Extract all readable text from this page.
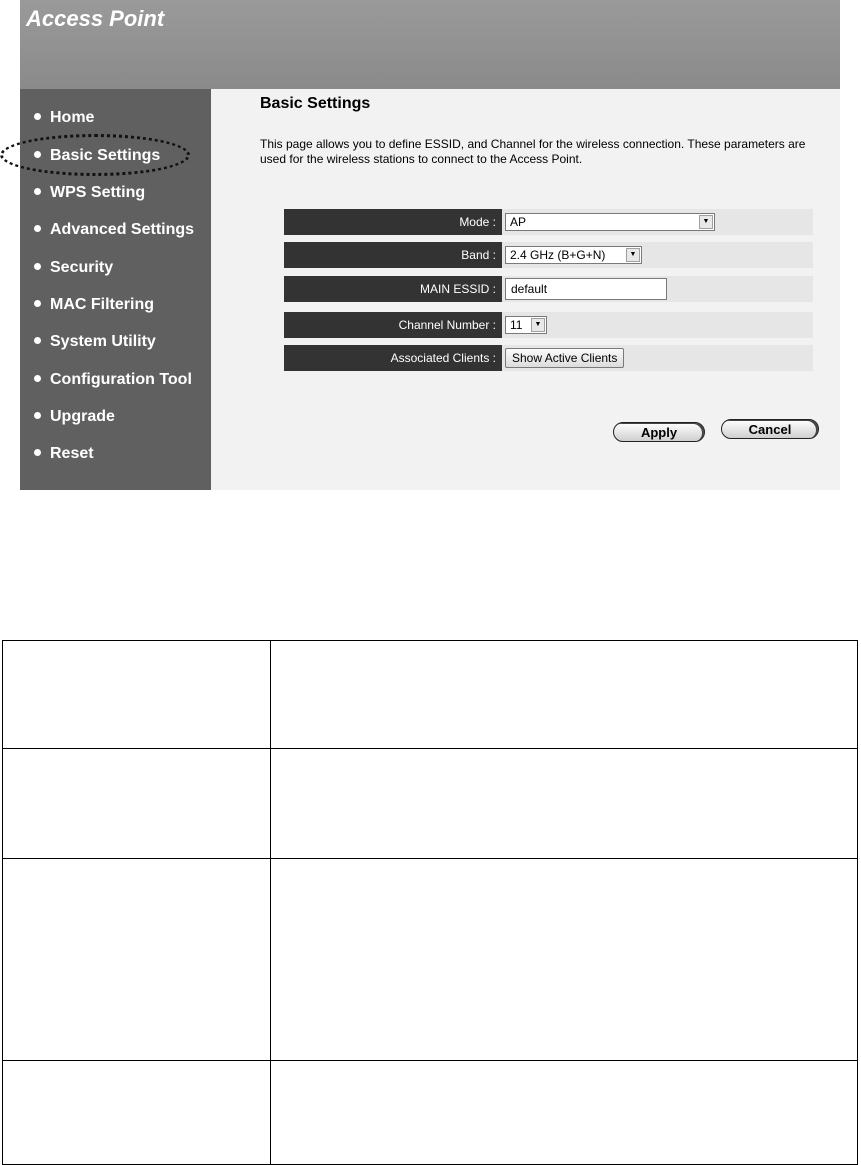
Access Point
Home
Basic Settings
WPS Setting
Advanced Settings
Security
MAC Filtering
System Utility
Configuration Tool
Upgrade
Reset
Basic Settings
This page allows you to define ESSID, and Channel for the wireless connection. These parameters are used for the wireless stations to connect to the Access Point.
Mode :	AP	▼
Band :	2.4 GHz (B+G+N)	▼
MAIN ESSID :
default
Channel Number :	11	▼
Associated Clients :	Show Active Clients
Apply	Cancel
